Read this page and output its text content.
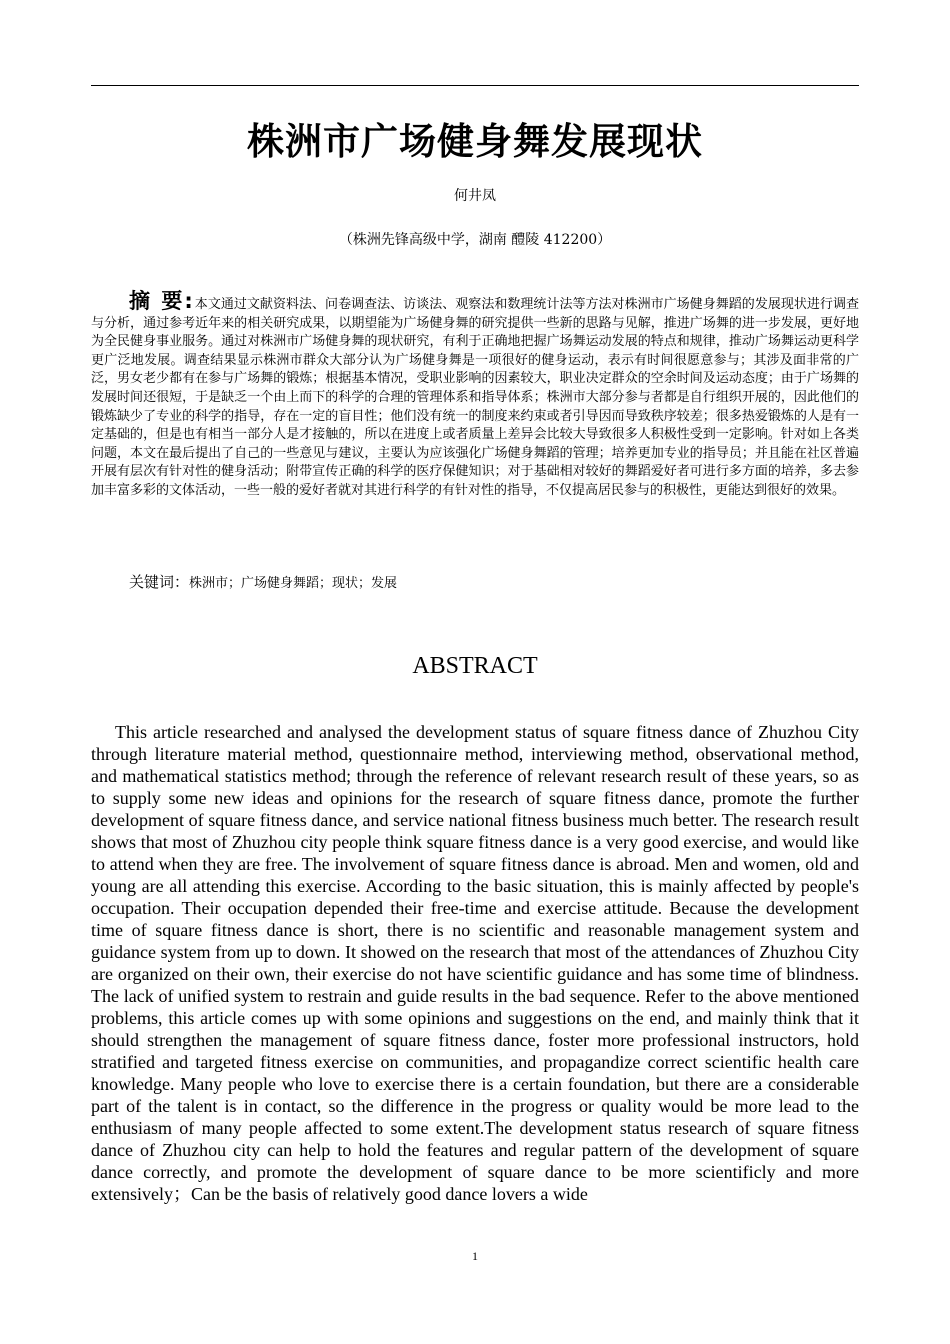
株洲市广场健身舞发展现状
何井凤
（株洲先锋高级中学，湖南 醴陵 412200）

摘 要:本文通过文献资料法、问卷调查法、访谈法、观察法和数理统计法等方法对株洲市广场健身舞蹈的发展现状进行调查与分析，通过参考近年来的相关研究成果，以期望能为广场健身舞的研究提供一些新的思路与见解，推进广场舞的进一步发展，更好地为全民健身事业服务。通过对株洲市广场健身舞的现状研究，有利于正确地把握广场舞运动发展的特点和规律，推动广场舞运动更科学更广泛地发展。调查结果显示株洲市群众大部分认为广场健身舞是一项很好的健身运动，表示有时间很愿意参与；其涉及面非常的广泛，男女老少都有在参与广场舞的锻炼；根据基本情况，受职业影响的因素较大，职业决定群众的空余时间及运动态度；由于广场舞的发展时间还很短，于是缺乏一个由上而下的科学的合理的管理体系和指导体系；株洲市大部分参与者都是自行组织开展的，因此他们的锻炼缺少了专业的科学的指导，存在一定的盲目性；他们没有统一的制度来约束或者引导因而导致秩序较差；很多热爱锻炼的人是有一定基础的，但是也有相当一部分人是才接触的，所以在进度上或者质量上差异会比较大导致很多人积极性受到一定影响。针对如上各类问题，本文在最后提出了自己的一些意见与建议，主要认为应该强化广场健身舞蹈的管理；培养更加专业的指导员；并且能在社区普遍开展有层次有针对性的健身活动；附带宣传正确的科学的医疗保健知识；对于基础相对较好的舞蹈爱好者可进行多方面的培养，多去参加丰富多彩的文体活动，一些一般的爱好者就对其进行科学的有针对性的指导，不仅提高居民参与的积极性，更能达到很好的效果。

关键词：株洲市；广场健身舞蹈；现状；发展

ABSTRACT

This article researched and analysed the development status of square fitness dance of Zhuzhou City through literature material method, questionnaire method, interviewing method, observational method, and mathematical statistics method; through the reference of relevant research result of these years, so as to supply some new ideas and opinions for the research of square fitness dance, promote the further development of square fitness dance, and service national fitness business much better. The research result shows that most of Zhuzhou city people think square fitness dance is a very good exercise, and would like to attend when they are free. The involvement of square fitness dance is abroad. Men and women, old and young are all attending this exercise. According to the basic situation, this is mainly affected by people's occupation. Their occupation depended their free-time and exercise attitude. Because the development time of square fitness dance is short, there is no scientific and reasonable management system and guidance system from up to down. It showed on the research that most of the attendances of Zhuzhou City are organized on their own, their exercise do not have scientific guidance and has some time of blindness. The lack of unified system to restrain and guide results in the bad sequence. Refer to the above mentioned problems, this article comes up with some opinions and suggestions on the end, and mainly think that it should strengthen the management of square fitness dance, foster more professional instructors, hold stratified and targeted fitness exercise on communities, and propagandize correct scientific health care knowledge. Many people who love to exercise there is a certain foundation, but there are a considerable part of the talent is in contact, so the difference in the progress or quality would be more lead to the enthusiasm of many people affected to some extent.The development status research of square fitness dance of Zhuzhou city can help to hold the features and regular pattern of the development of square dance correctly, and promote the development of square dance to be more scientificly and more extensively；Can be the basis of relatively good dance lovers a wide

1
